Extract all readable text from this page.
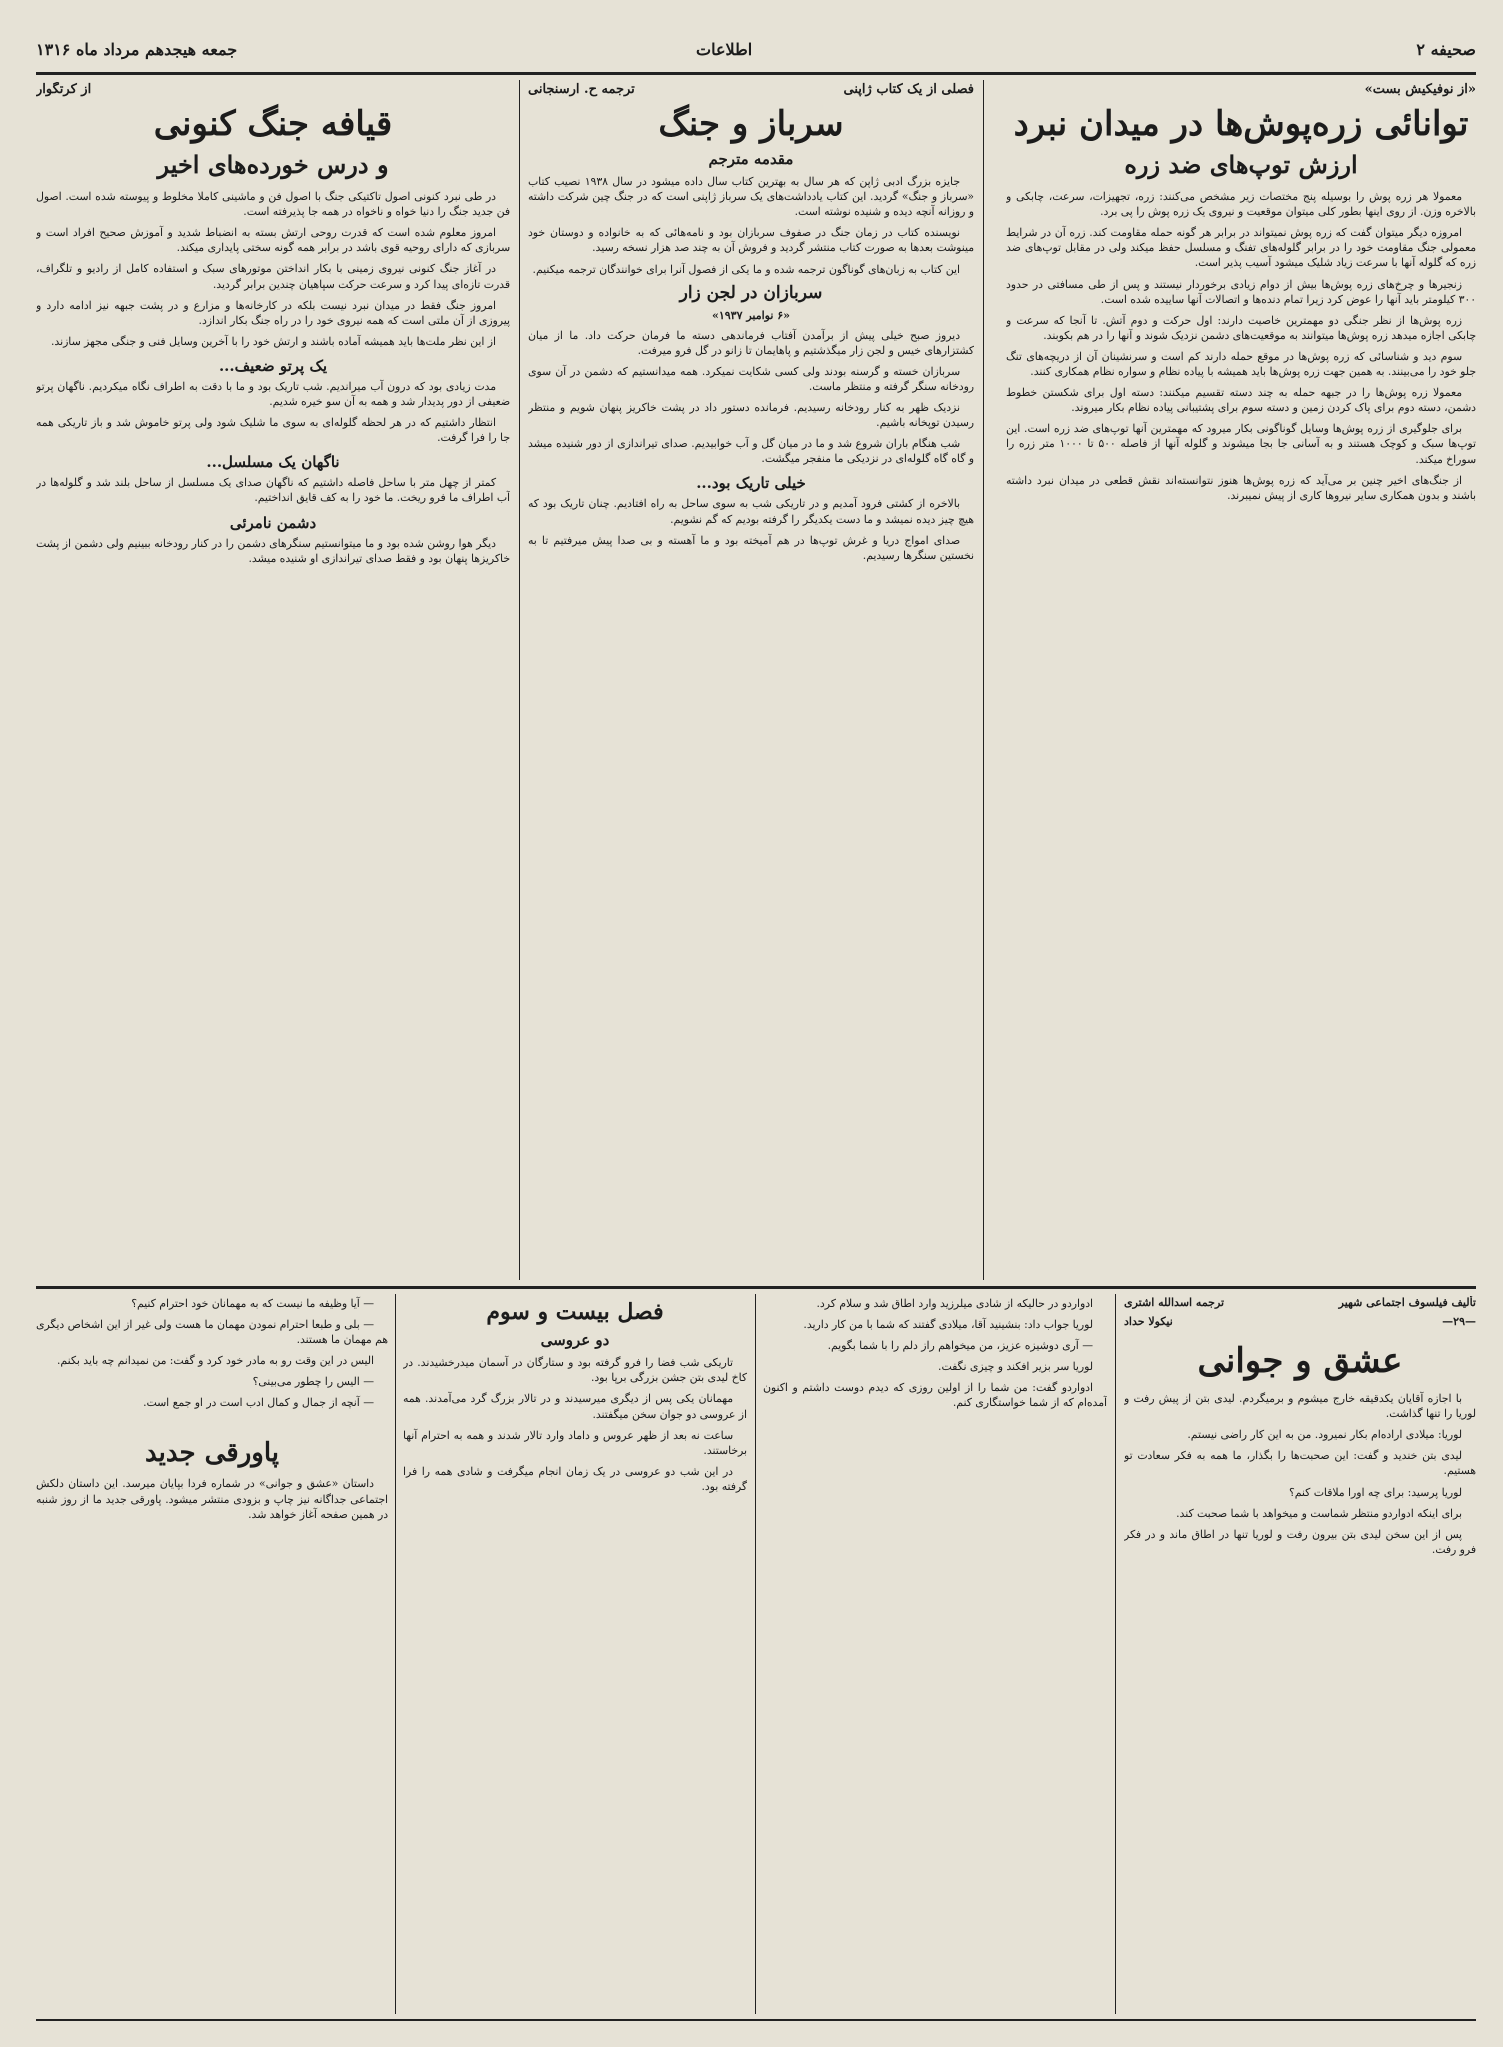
صحیفه ۲
اطلاعات
جمعه هیجدهم مرداد ماه ۱۳۱۶

«از نوفیکیش بست»

توانائی زره‌پوش‌ها در میدان نبرد

ارزش توپ‌های ضد زره

معمولا هر زره پوش را بوسیله پنج مختصات زیر مشخص می‌کنند: زره، تجهیزات، سرعت، چابکی و بالاخره وزن. از روی اینها بطور کلی میتوان موقعیت و نیروی یک زره پوش را پی برد.

امروزه دیگر میتوان گفت که زره پوش نمیتواند در برابر هر گونه حمله مقاومت کند. زره آن در شرایط معمولی جنگ مقاومت خود را در برابر گلوله‌های تفنگ و مسلسل حفظ میکند ولی در مقابل توپ‌های ضد زره که گلوله آنها با سرعت زیاد شلیک میشود آسیب پذیر است.

زنجیر‌ها و چرخ‌های زره پوش‌ها بیش از دوام زیادی برخوردار نیستند و پس از طی مسافتی در حدود ۳۰۰ کیلومتر باید آنها را عوض کرد زیرا تمام دنده‌ها و اتصالات آنها ساییده شده است.

زره پوش‌ها از نظر جنگی دو مهمترین خاصیت دارند: اول حرکت و دوم آتش. تا آنجا که سرعت و چابکی اجازه میدهد زره پوش‌ها میتوانند به موقعیت‌های دشمن نزدیک شوند و آنها را در هم بکوبند.

سوم دید و شناسائی که زره‌ پوش‌ها در موقع حمله دارند کم است و سرنشینان آن از دریچه‌های تنگ جلو خود را می‌بینند. به همین جهت زره‌ پوش‌ها باید همیشه با پیاده نظام و سواره نظام همکاری کنند.

معمولا زره پوش‌ها را در جبهه حمله به چند دسته تقسیم میکنند: دسته اول برای شکستن خطوط دشمن، دسته دوم برای پاک کردن زمین و دسته سوم برای پشتیبانی پیاده نظام بکار میروند.

برای جلوگیری از زره پوش‌ها وسایل گوناگونی بکار میرود که مهمترین آنها توپ‌های ضد زره است. این توپ‌ها سبک و کوچک هستند و به آسانی جا بجا میشوند و گلوله آنها از فاصله ۵۰۰ تا ۱۰۰۰ متر زره را سوراخ میکند.

از جنگ‌های اخیر چنین بر می‌آید که زره پوش‌ها هنوز نتوانسته‌اند نقش قطعی در میدان نبرد داشته باشند و بدون همکاری سایر نیروها کاری از پیش نمیبرند.

فصلی از یک کتاب ژاپنی
ترجمه ح. ارسنجانی

سرباز و جنگ

مقدمه مترجم

جایزه بزرگ ادبی ژاپن که هر سال به بهترین کتاب سال داده میشود در سال ۱۹۳۸ نصیب کتاب «سرباز و جنگ» گردید. این کتاب یادداشت‌های یک سرباز ژاپنی است که در جنگ چین شرکت داشته و روزانه آنچه دیده و شنیده نوشته است.

نویسنده کتاب در زمان جنگ در صفوف سربازان بود و نامه‌هائی که به خانواده و دوستان خود مینوشت بعدها به صورت کتاب منتشر گردید و فروش آن به چند صد هزار نسخه رسید.

این کتاب به زبان‌های گوناگون ترجمه شده و ما یکی از فصول آنرا برای خوانندگان ترجمه میکنیم.

سربازان در لجن زار

«۶ نوامبر ۱۹۳۷»

دیروز صبح خیلی پیش از برآمدن آفتاب فرماندهی دسته ما فرمان حرکت داد. ما از میان کشتزارهای خیس و لجن زار میگذشتیم و پاهایمان تا زانو در گل فرو میرفت.

سربازان خسته و گرسنه بودند ولی کسی شکایت نمیکرد. همه میدانستیم که دشمن در آن سوی رودخانه سنگر گرفته و منتظر ماست.

نزدیک ظهر به کنار رودخانه رسیدیم. فرمانده دستور داد در پشت خاکریز پنهان شویم و منتظر رسیدن توپخانه باشیم.

شب هنگام باران شروع شد و ما در میان گل و آب خوابیدیم. صدای تیراندازی از دور شنیده میشد و گاه گاه گلوله‌ای در نزدیکی ما منفجر میگشت.

خیلی تاریک بود...

بالاخره از کشتی فرود آمدیم و در تاریکی شب به سوی ساحل به راه افتادیم. چنان تاریک بود که هیچ چیز دیده نمیشد و ما دست یکدیگر را گرفته بودیم که گم نشویم.

صدای امواج دریا و غرش توپ‌ها در هم آمیخته بود و ما آهسته و بی صدا پیش میرفتیم تا به نخستین سنگرها رسیدیم.

از کرتگوار

قیافه جنگ کنونی

و درس خورده‌های اخیر

در طی نبرد کنونی اصول تاکتیکی جنگ با اصول فن و ماشینی کاملا مخلوط و پیوسته شده است. اصول فن جدید جنگ را دنیا خواه و ناخواه در همه جا پذیرفته است.

امروز معلوم شده است که قدرت روحی ارتش بسته به انضباط شدید و آموزش صحیح افراد است و سربازی که دارای روحیه قوی باشد در برابر همه گونه سختی پایداری میکند.

در آغاز جنگ کنونی نیروی زمینی با بکار انداختن موتور‌های سبک و استفاده کامل از رادیو و تلگراف، قدرت تازه‌ای پیدا کرد و سرعت حرکت سپاهیان چندین برابر گردید.

امروز جنگ فقط در میدان نبرد نیست بلکه در کارخانه‌ها و مزارع و در پشت جبهه نیز ادامه دارد و پیروزی از آن ملتی است که همه نیروی خود را در راه جنگ بکار اندازد.

از این نظر ملت‌ها باید همیشه آماده باشند و ارتش خود را با آخرین وسایل فنی و جنگی مجهز سازند.

یک پرتو ضعیف...

مدت زیادی بود که درون آب میراندیم. شب تاریک بود و ما با دقت به اطراف نگاه میکردیم. ناگهان پرتو ضعیفی از دور پدیدار شد و همه به آن سو خیره شدیم.

انتظار داشتیم که در هر لحظه گلوله‌ای به سوی ما شلیک شود ولی پرتو خاموش شد و باز تاریکی همه جا را فرا گرفت.

ناگهان یک مسلسل...

کمتر از چهل متر با ساحل فاصله داشتیم که ناگهان صدای یک مسلسل از ساحل بلند شد و گلوله‌ها در آب اطراف ما فرو ریخت. ما خود را به کف قایق انداختیم.

دشمن نامرئی

دیگر هوا روشن شده بود و ما میتوانستیم سنگرهای دشمن را در کنار رودخانه ببینیم ولی دشمن از پشت خاکریز‌ها پنهان بود و فقط صدای تیراندازی او شنیده میشد.

تألیف فیلسوف اجتماعی شهیر
ترجمه اسدالله اشتری
—۲۹—
نیکولا حداد

عشق و جوانی

با اجازه آقایان یکدقیقه خارج میشوم و برمیگردم. لیدی بتن از پیش رفت و لوریا را تنها گذاشت.

لوریا: میلادی اراده‌ام بکار نمیرود. من به این کار راضی نیستم.

لیدی بتن خندید و گفت: این صحبت‌ها را بگذار، ما همه به فکر سعادت تو هستیم.

لوریا پرسید: برای چه اورا ملاقات کنم؟

برای اینکه ادواردو منتظر شماست و میخواهد با شما صحبت کند.

پس از این سخن لیدی بتن بیرون رفت و لوریا تنها در اطاق ماند و در فکر فرو رفت.

ادواردو در حالیکه از شادی میلرزید وارد اطاق شد و سلام کرد.

لوریا جواب داد: بنشینید آقا، میلادی گفتند که شما با من کار دارید.

— آری دوشیزه عزیز، من میخواهم راز دلم را با شما بگویم.

لوریا سر بزیر افکند و چیزی نگفت.

ادواردو گفت: من شما را از اولین روزی که دیدم دوست داشتم و اکنون آمده‌ام که از شما خواستگاری کنم.

فصل بیست و سوم

دو عروسی

تاریکی شب فضا را فرو گرفته بود و ستارگان در آسمان میدرخشیدند. در کاخ لیدی بتن جشن بزرگی برپا بود.

مهمانان یکی پس از دیگری میرسیدند و در تالار بزرگ گرد می‌آمدند. همه از عروسی دو جوان سخن میگفتند.

ساعت نه بعد از ظهر عروس و داماد وارد تالار شدند و همه به احترام آنها برخاستند.

در این شب دو عروسی در یک زمان انجام میگرفت و شادی همه را فرا گرفته بود.

— آیا وظیفه ما نیست که به مهمانان خود احترام کنیم؟

— بلی و طبعا احترام نمودن مهمان ما هست ولی غیر از این اشخاص دیگری هم مهمان ما هستند.

الیس در این وقت رو به مادر خود کرد و گفت: من نمیدانم چه باید بکنم.

— الیس را چطور می‌بینی؟

— آنچه از جمال و کمال ادب است در او جمع است.

پاورقی جدید

داستان «عشق و جوانی» در شماره فردا بپایان میرسد. این داستان دلکش اجتماعی جداگانه نیز چاپ و بزودی منتشر میشود. پاورقی جدید ما از روز شنبه در همین صفحه آغاز خواهد شد.
